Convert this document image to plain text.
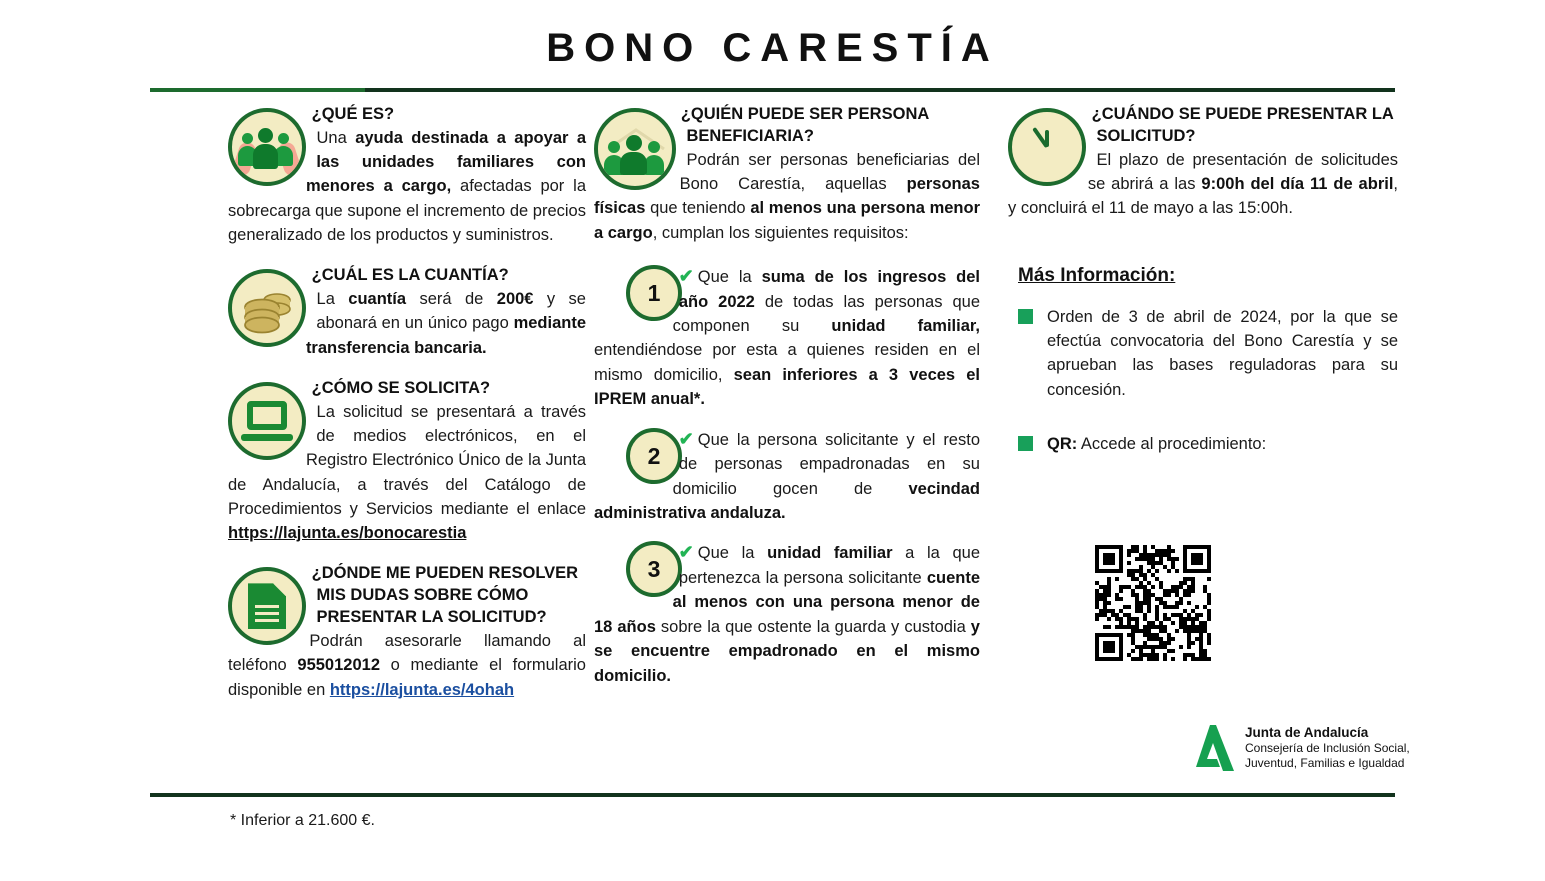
BONO CARESTÍA
¿QUÉ ES?
Una ayuda destinada a apoyar a las unidades familiares con menores a cargo, afectadas por la sobrecarga que supone el incremento de precios generalizado de los productos y suministros.
¿CUÁL ES LA CUANTÍA?
La cuantía será de 200€ y se abonará en un único pago mediante transferencia bancaria.
¿CÓMO SE SOLICITA?
La solicitud se presentará a través de medios electrónicos, en el Registro Electrónico Único de la Junta de Andalucía, a través del Catálogo de Procedimientos y Servicios mediante el enlace https://lajunta.es/bonocarestia
¿DÓNDE ME PUEDEN RESOLVER MIS DUDAS SOBRE CÓMO PRESENTAR LA SOLICITUD?
Podrán asesorarle llamando al teléfono 955012012 o mediante el formulario disponible en https://lajunta.es/4ohah
¿QUIÉN PUEDE SER PERSONA BENEFICIARIA?
Podrán ser personas beneficiarias del Bono Carestía, aquellas personas físicas que teniendo al menos una persona menor a cargo, cumplan los siguientes requisitos:
1
✔ Que la suma de los ingresos del año 2022 de todas las personas que componen su unidad familiar, entendiéndose por esta a quienes residen en el mismo domicilio, sean inferiores a 3 veces el IPREM anual*.
2
✔ Que la persona solicitante y el resto de personas empadronadas en su domicilio gocen de vecindad administrativa andaluza.
3
✔ Que la unidad familiar a la que pertenezca la persona solicitante cuente al menos con una persona menor de 18 años sobre la que ostente la guarda y custodia y se encuentre empadronado en el mismo domicilio.
¿CUÁNDO SE PUEDE PRESENTAR LA SOLICITUD?
El plazo de presentación de solicitudes se abrirá a las 9:00h del día 11 de abril, y concluirá el 11 de mayo a las 15:00h.
Más Información:
Orden de 3 de abril de 2024, por la que se efectúa convocatoria del Bono Carestía y se aprueban las bases reguladoras para su concesión.
QR: Accede al procedimiento:
Junta de Andalucía
Consejería de Inclusión Social,
Juventud, Familias e Igualdad
* Inferior a 21.600 €.
